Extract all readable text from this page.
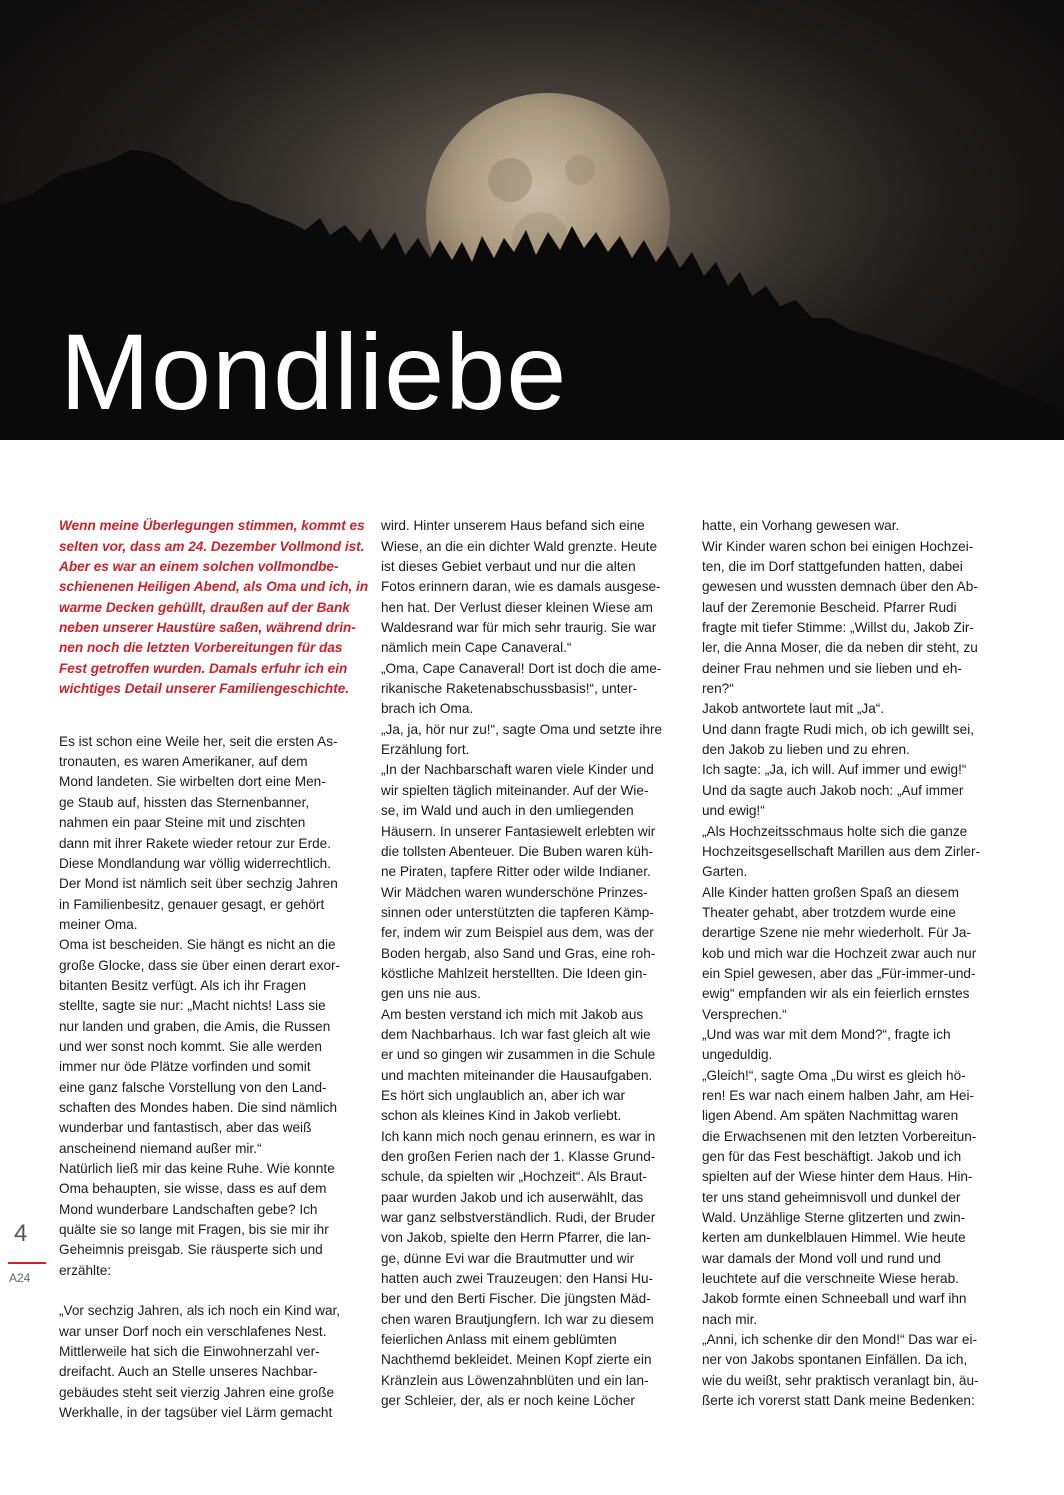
Mondliebe

Wenn meine Überlegungen stimmen, kommt es
selten vor, dass am 24. Dezember Vollmond ist.
Aber es war an einem solchen vollmondbe-
schienenen Heiligen Abend, als Oma und ich, in
warme Decken gehüllt, draußen auf der Bank
neben unserer Haustüre saßen, während drin-
nen noch die letzten Vorbereitungen für das
Fest getroffen wurden. Damals erfuhr ich ein
wichtiges Detail unserer Familiengeschichte.

Es ist schon eine Weile her, seit die ersten As-
tronauten, es waren Amerikaner, auf dem
Mond landeten. Sie wirbelten dort eine Men-
ge Staub auf, hissten das Sternenbanner,
nahmen ein paar Steine mit und zischten
dann mit ihrer Rakete wieder retour zur Erde.
Diese Mondlandung war völlig widerrechtlich.
Der Mond ist nämlich seit über sechzig Jahren
in Familienbesitz, genauer gesagt, er gehört
meiner Oma.
Oma ist bescheiden. Sie hängt es nicht an die
große Glocke, dass sie über einen derart exor-
bitanten Besitz verfügt. Als ich ihr Fragen
stellte, sagte sie nur: „Macht nichts! Lass sie
nur landen und graben, die Amis, die Russen
und wer sonst noch kommt. Sie alle werden
immer nur öde Plätze vorfinden und somit
eine ganz falsche Vorstellung von den Land-
schaften des Mondes haben. Die sind nämlich
wunderbar und fantastisch, aber das weiß
anscheinend niemand außer mir.“
Natürlich ließ mir das keine Ruhe. Wie konnte
Oma behaupten, sie wisse, dass es auf dem
Mond wunderbare Landschaften gebe? Ich
quälte sie so lange mit Fragen, bis sie mir ihr
Geheimnis preisgab. Sie räusperte sich und
erzählte:

„Vor sechzig Jahren, als ich noch ein Kind war,
war unser Dorf noch ein verschlafenes Nest.
Mittlerweile hat sich die Einwohnerzahl ver-
dreifacht. Auch an Stelle unseres Nachbar-
gebäudes steht seit vierzig Jahren eine große
Werkhalle, in der tagsüber viel Lärm gemacht

wird. Hinter unserem Haus befand sich eine
Wiese, an die ein dichter Wald grenzte. Heute
ist dieses Gebiet verbaut und nur die alten
Fotos erinnern daran, wie es damals ausgese-
hen hat. Der Verlust dieser kleinen Wiese am
Waldesrand war für mich sehr traurig. Sie war
nämlich mein Cape Canaveral.“
„Oma, Cape Canaveral! Dort ist doch die ame-
rikanische Raketenabschussbasis!“, unter-
brach ich Oma.
„Ja, ja, hör nur zu!“, sagte Oma und setzte ihre
Erzählung fort.
„In der Nachbarschaft waren viele Kinder und
wir spielten täglich miteinander. Auf der Wie-
se, im Wald und auch in den umliegenden
Häusern. In unserer Fantasiewelt erlebten wir
die tollsten Abenteuer. Die Buben waren küh-
ne Piraten, tapfere Ritter oder wilde Indianer.
Wir Mädchen waren wunderschöne Prinzes-
sinnen oder unterstützten die tapferen Kämp-
fer, indem wir zum Beispiel aus dem, was der
Boden hergab, also Sand und Gras, eine roh-
köstliche Mahlzeit herstellten. Die Ideen gin-
gen uns nie aus.
Am besten verstand ich mich mit Jakob aus
dem Nachbarhaus. Ich war fast gleich alt wie
er und so gingen wir zusammen in die Schule
und machten miteinander die Hausaufgaben.
Es hört sich unglaublich an, aber ich war
schon als kleines Kind in Jakob verliebt.
Ich kann mich noch genau erinnern, es war in
den großen Ferien nach der 1. Klasse Grund-
schule, da spielten wir „Hochzeit“. Als Braut-
paar wurden Jakob und ich auserwählt, das
war ganz selbstverständlich. Rudi, der Bruder
von Jakob, spielte den Herrn Pfarrer, die lan-
ge, dünne Evi war die Brautmutter und wir
hatten auch zwei Trauzeugen: den Hansi Hu-
ber und den Berti Fischer. Die jüngsten Mäd-
chen waren Brautjungfern. Ich war zu diesem
feierlichen Anlass mit einem geblümten
Nachthemd bekleidet. Meinen Kopf zierte ein
Kränzlein aus Löwenzahnblüten und ein lan-
ger Schleier, der, als er noch keine Löcher

hatte, ein Vorhang gewesen war.
Wir Kinder waren schon bei einigen Hochzei-
ten, die im Dorf stattgefunden hatten, dabei
gewesen und wussten demnach über den Ab-
lauf der Zeremonie Bescheid. Pfarrer Rudi
fragte mit tiefer Stimme: „Willst du, Jakob Zir-
ler, die Anna Moser, die da neben dir steht, zu
deiner Frau nehmen und sie lieben und eh-
ren?“
Jakob antwortete laut mit „Ja“.
Und dann fragte Rudi mich, ob ich gewillt sei,
den Jakob zu lieben und zu ehren.
Ich sagte: „Ja, ich will. Auf immer und ewig!“
Und da sagte auch Jakob noch: „Auf immer
und ewig!“
„Als Hochzeitsschmaus holte sich die ganze
Hochzeitsgesellschaft Marillen aus dem Zirler-
Garten.
Alle Kinder hatten großen Spaß an diesem
Theater gehabt, aber trotzdem wurde eine
derartige Szene nie mehr wiederholt. Für Ja-
kob und mich war die Hochzeit zwar auch nur
ein Spiel gewesen, aber das „Für-immer-und-
ewig“ empfanden wir als ein feierlich ernstes
Versprechen.“
„Und was war mit dem Mond?“, fragte ich
ungeduldig.
„Gleich!“, sagte Oma „Du wirst es gleich hö-
ren! Es war nach einem halben Jahr, am Hei-
ligen Abend. Am späten Nachmittag waren
die Erwachsenen mit den letzten Vorbereitun-
gen für das Fest beschäftigt. Jakob und ich
spielten auf der Wiese hinter dem Haus. Hin-
ter uns stand geheimnisvoll und dunkel der
Wald. Unzählige Sterne glitzerten und zwin-
kerten am dunkelblauen Himmel. Wie heute
war damals der Mond voll und rund und
leuchtete auf die verschneite Wiese herab.
Jakob formte einen Schneeball und warf ihn
nach mir.
„Anni, ich schenke dir den Mond!“ Das war ei-
ner von Jakobs spontanen Einfällen. Da ich,
wie du weißt, sehr praktisch veranlagt bin, äu-
ßerte ich vorerst statt Dank meine Bedenken:

4
A24
